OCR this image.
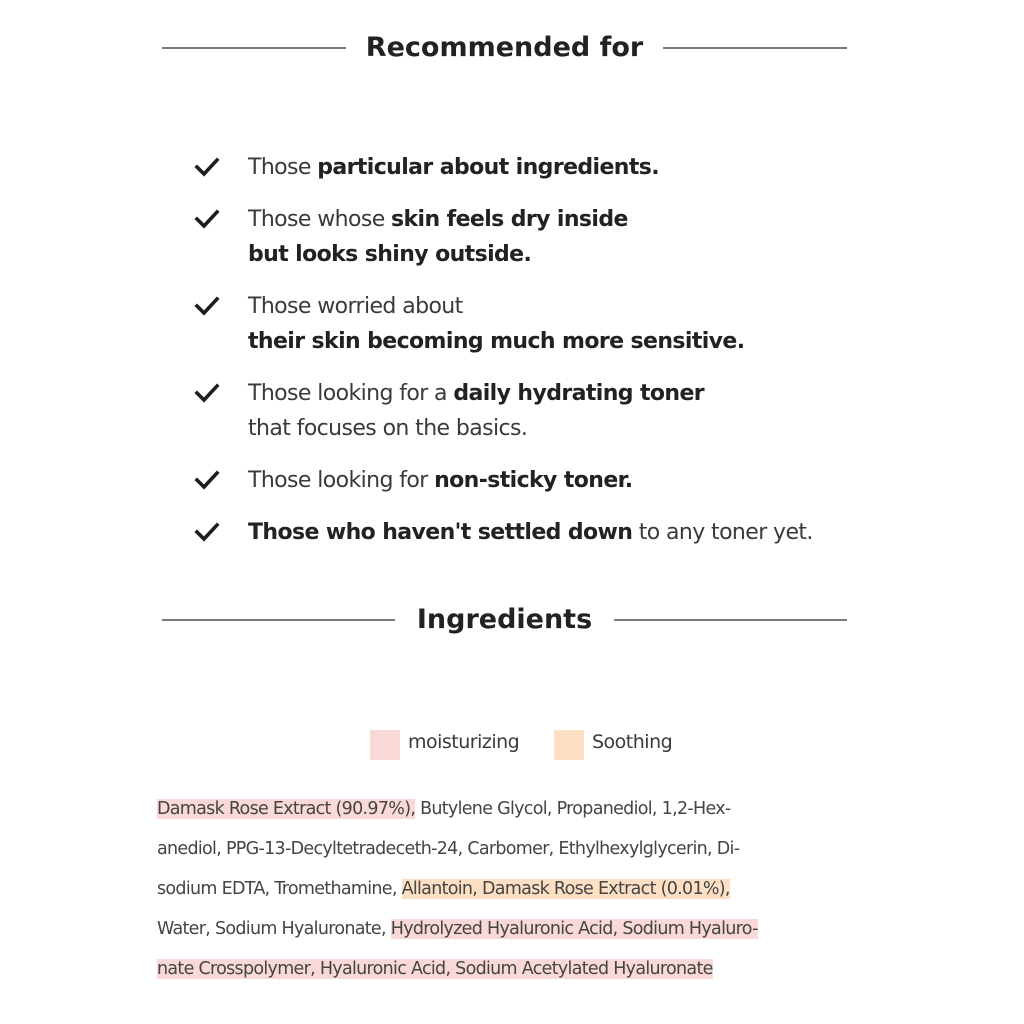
Recommended for
Those particular about ingredients.
Those whose skin feels dry inside
but looks shiny outside.
Those worried about
their skin becoming much more sensitive.
Those looking for a daily hydrating toner
that focuses on the basics.
Those looking for non-sticky toner.
Those who haven't settled down to any toner yet.
Ingredients
moisturizing	Soothing
Damask Rose Extract (90.97%), Butylene Glycol, Propanediol, 1,2-Hex-
anediol, PPG-13-Decyltetradeceth-24, Carbomer, Ethylhexylglycerin, Di-
sodium EDTA, Tromethamine, Allantoin, Damask Rose Extract (0.01%),
Water, Sodium Hyaluronate, Hydrolyzed Hyaluronic Acid, Sodium Hyaluro-
nate Crosspolymer, Hyaluronic Acid, Sodium Acetylated Hyaluronate
